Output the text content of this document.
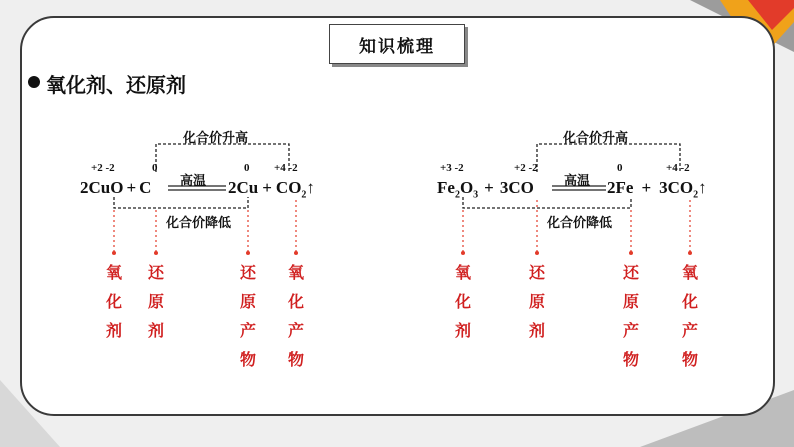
知识梳理
氧化剂、还原剂
化合价升高
化合价降低
+2 -2	0	0 +4 -2
高温
2CuO + C	$2Cu + CO_2↑$
氧
化
剂
还
原
剂
还
原
产
物
氧
化
产
物
化合价升高
化合价降低
+3 -2	+2 -2	0	+4 -2
高温
$Fe_2O_3 + 3CO$	$2Fe + 3CO_2↑$
氧
化
剂
还
原
剂
还
原
产
物
氧
化
产
物
